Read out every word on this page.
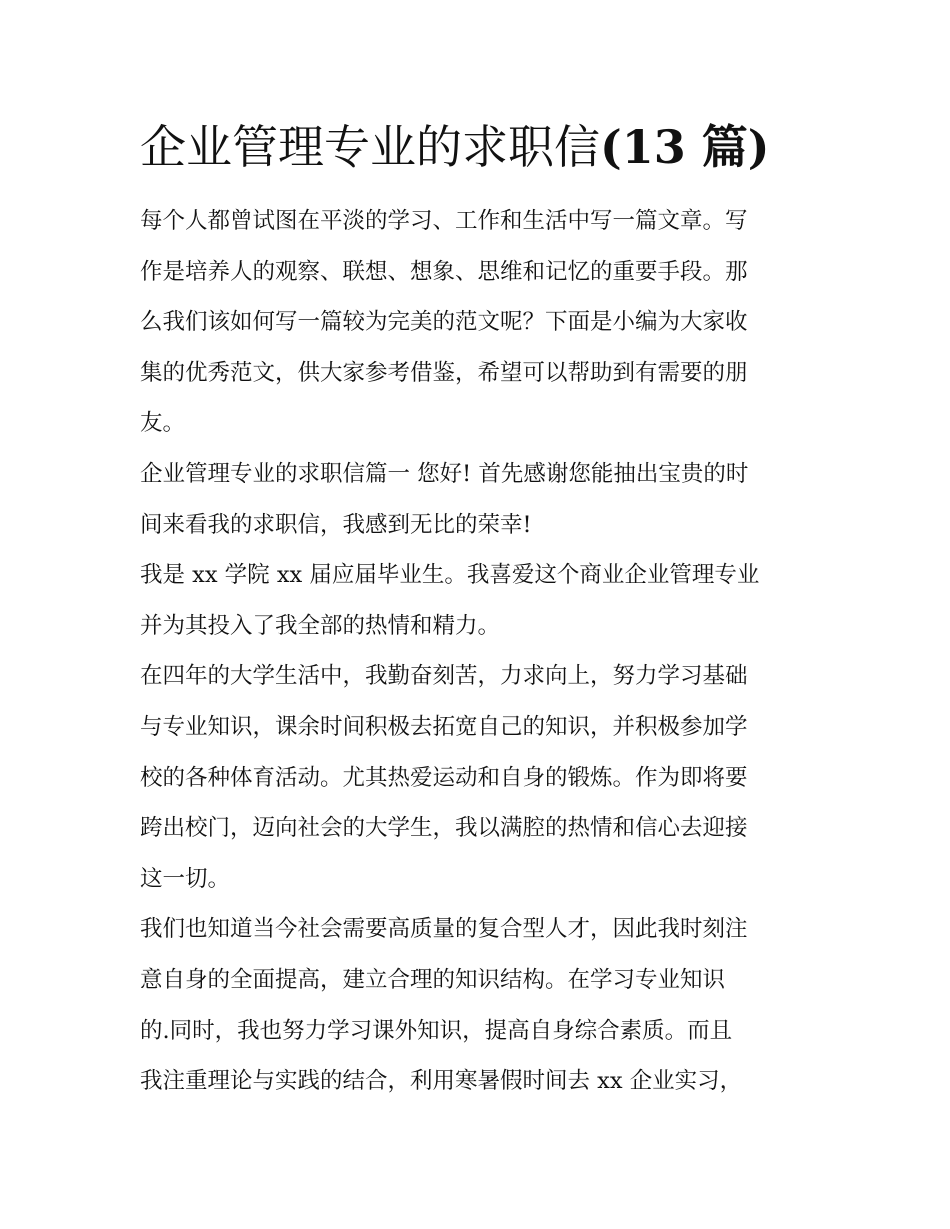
企业管理专业的求职信(13 篇)
每个人都曾试图在平淡的学习、工作和生活中写一篇文章。写
作是培养人的观察、联想、想象、思维和记忆的重要手段。那
么我们该如何写一篇较为完美的范文呢？下面是小编为大家收
集的优秀范文，供大家参考借鉴，希望可以帮助到有需要的朋
友。
企业管理专业的求职信篇一 您好! 首先感谢您能抽出宝贵的时
间来看我的求职信，我感到无比的荣幸!
我是 xx 学院 xx 届应届毕业生。我喜爱这个商业企业管理专业
并为其投入了我全部的热情和精力。
在四年的大学生活中，我勤奋刻苦，力求向上，努力学习基础
与专业知识，课余时间积极去拓宽自己的知识，并积极参加学
校的各种体育活动。尤其热爱运动和自身的锻炼。作为即将要
跨出校门，迈向社会的大学生，我以满腔的热情和信心去迎接
这一切。
我们也知道当今社会需要高质量的复合型人才，因此我时刻注
意自身的全面提高，建立合理的知识结构。在学习专业知识
的.同时，我也努力学习课外知识，提高自身综合素质。而且
我注重理论与实践的结合，利用寒暑假时间去 xx 企业实习，
